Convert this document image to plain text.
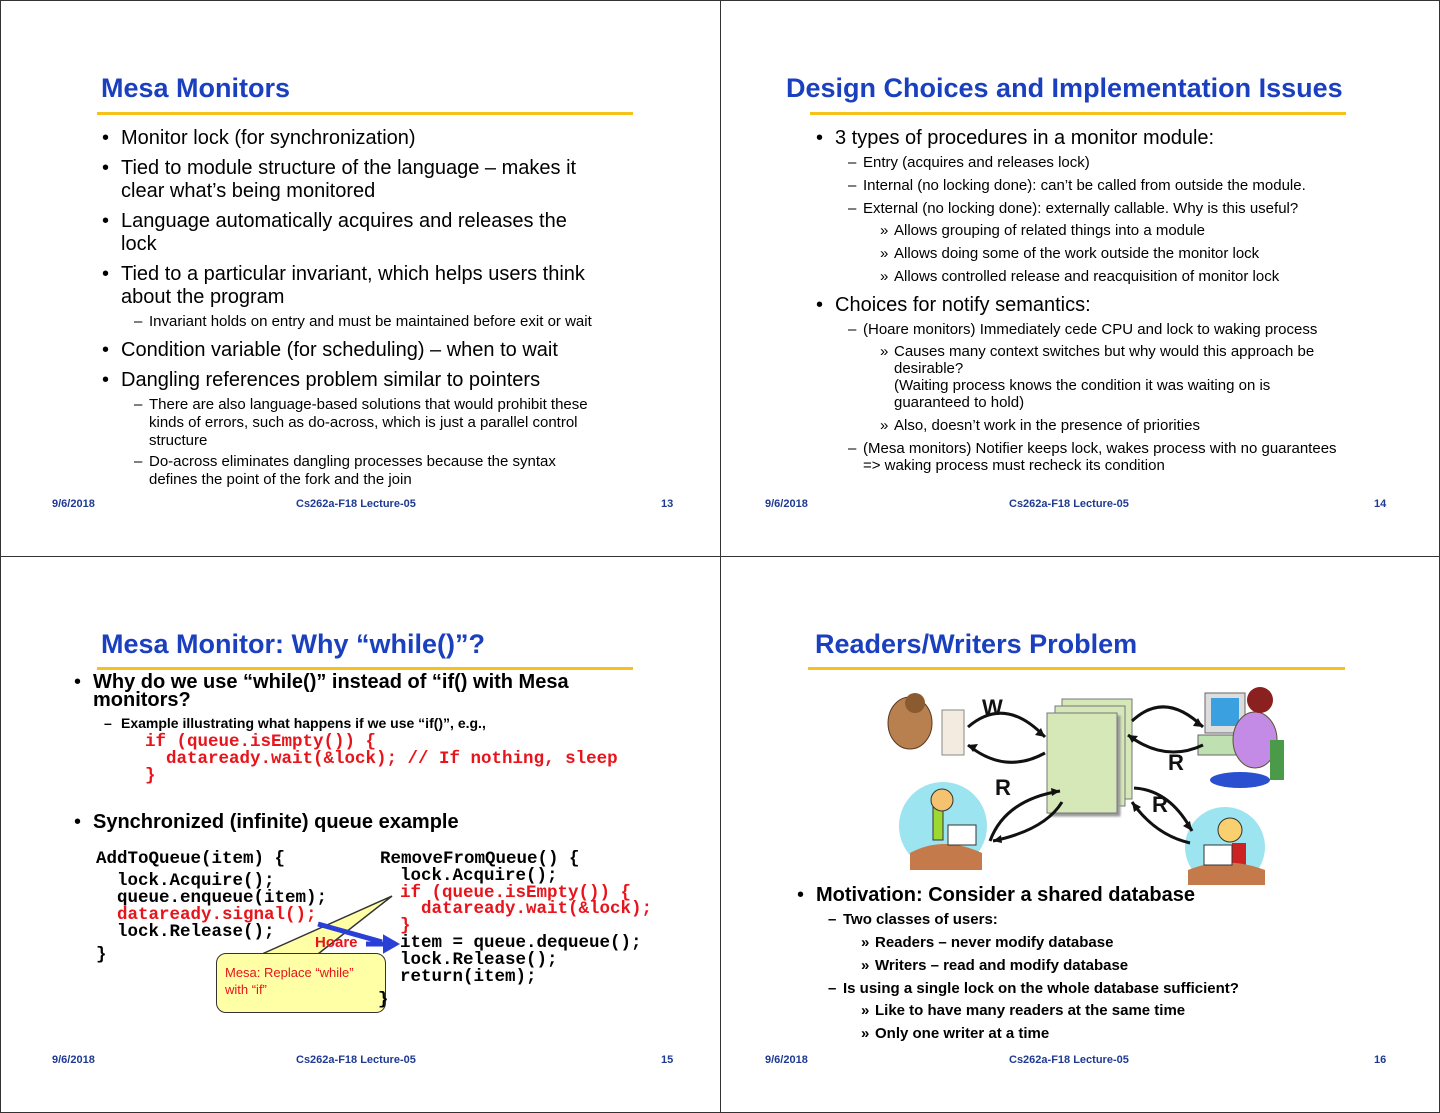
Mesa Monitors
• Monitor lock (for synchronization)
• Tied to module structure of the language – makes it
clear what’s being monitored
• Language automatically acquires and releases the
lock
• Tied to a particular invariant, which helps users think
about the program
– Invariant holds on entry and must be maintained before exit or wait
• Condition variable (for scheduling) – when to wait
• Dangling references problem similar to pointers
– There are also language-based solutions that would prohibit these
kinds of errors, such as do-across, which is just a parallel control
structure
– Do-across eliminates dangling processes because the syntax
defines the point of the fork and the join
9/6/2018	Cs262a-F18 Lecture-05	13
Design Choices and Implementation Issues
• 3 types of procedures in a monitor module:
– Entry (acquires and releases lock)
– Internal (no locking done): can’t be called from outside the module.
– External (no locking done): externally callable. Why is this useful?
» Allows grouping of related things into a module
» Allows doing some of the work outside the monitor lock
» Allows controlled release and reacquisition of monitor lock
• Choices for notify semantics:
– (Hoare monitors) Immediately cede CPU and lock to waking process
» Causes many context switches but why would this approach be
desirable?
(Waiting process knows the condition it was waiting on is
guaranteed to hold)
» Also, doesn’t work in the presence of priorities
– (Mesa monitors) Notifier keeps lock, wakes process with no guarantees
=> waking process must recheck its condition
9/6/2018	Cs262a-F18 Lecture-05	14
Mesa Monitor: Why “while()”?
• Why do we use “while()” instead of “if() with Mesa
monitors?
– Example illustrating what happens if we use “if()”, e.g.,
if (queue.isEmpty()) {
dataready.wait(&lock); // If nothing, sleep
}
• Synchronized (infinite) queue example
AddToQueue(item) {
lock.Acquire();
queue.enqueue(item);
dataready.signal();
lock.Release();
}
RemoveFromQueue() {
lock.Acquire();
if (queue.isEmpty()) {
dataready.wait(&lock);
}
item = queue.dequeue();
lock.Release();
return(item);
Mesa: Replace “while”
with “if”
}
Hoare
9/6/2018	Cs262a-F18 Lecture-05	15
Readers/Writers Problem
W
R
R
R
• Motivation: Consider a shared database
– Two classes of users:
» Readers – never modify database
» Writers – read and modify database
– Is using a single lock on the whole database sufficient?
» Like to have many readers at the same time
» Only one writer at a time
9/6/2018	Cs262a-F18 Lecture-05	16
